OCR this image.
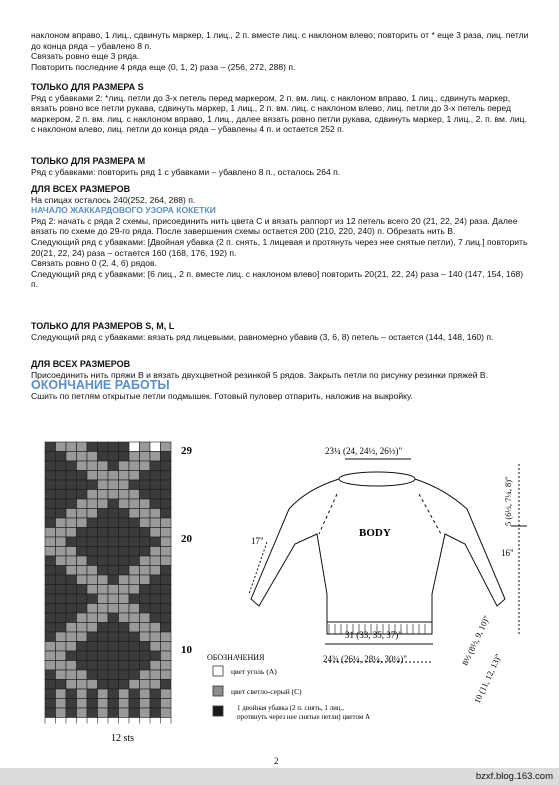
наклоном вправо, 1 лиц., сдвинуть маркер, 1 лиц., 2 п. вместе лиц. с наклоном влево; повторить от * еще 3 раза, лиц. петли до конца ряда – убавлено 8 п.
Связать ровно еще 3 ряда.
Повторить последние 4 ряда еще (0, 1, 2) раза – (256, 272, 288) п.
ТОЛЬКО ДЛЯ РАЗМЕРА S
Ряд с убавками 2: *лиц. петли до 3-х петель перед маркером, 2 п. вм. лиц. с наклоном вправо, 1 лиц., сдвинуть маркер, вязать ровно все петли рукава, сдвинуть маркер, 1 лиц., 2 п. вм. лиц. с наклоном влево, лиц. петли до 3-х петель перед маркером, 2 п. вм. лиц. с наклоном вправо, 1 лиц., далее вязать ровно петли рукава, сдвинуть маркер, 1 лиц., 2. п. вм. лиц. с наклоном влево, лиц. петли до конца ряда – убавлены 4 п. и остается 252 п.
ТОЛЬКО ДЛЯ РАЗМЕРА М
Ряд с убавками: повторить ряд 1 с убавками – убавлено 8 п., осталось 264 п.
ДЛЯ ВСЕХ РАЗМЕРОВ
На спицах осталось 240(252, 264, 288) п.
НАЧАЛО ЖАККАРДОВОГО УЗОРА КОКЕТКИ
Ряд 2: начать с ряда 2 схемы, присоединить нить цвета С и вязать раппорт из 12 петель всего 20 (21, 22, 24) раза. Далее вязать по схеме до 29-го ряда. После завершения схемы остается 200 (210, 220, 240) п. Обрезать нить В.
Следующий ряд с убавками: [Двойная убавка (2 п. снять, 1 лицевая и протянуть через нее снятые петли), 7 лиц.] повторить 20(21, 22, 24) раза – остается 160 (168, 176, 192) п.
Связать ровно 0 (2, 4, 6) рядов.
Следующий ряд с убавками: [6 лиц., 2 п. вместе лиц. с наклоном влево] повторить 20(21, 22, 24) раза – 140 (147, 154, 168) п.
ТОЛЬКО ДЛЯ РАЗМЕРОВ S, M, L
Следующий ряд с убавками: вязать ряд лицевыми, равномерно убавив (3, 6, 8) петель – остается (144, 148, 160) п.
ДЛЯ ВСЕХ РАЗМЕРОВ
Присоединить нить пряжи В и вязать двухцветной резинкой 5 рядов. Закрыть петли по рисунку резинки пряжей В.
ОКОНЧАНИЕ РАБОТЫ
Сшить по петлям открытые петли подмышек. Готовый пуловер отпарить, наложив на выкройку.
29
20
10
12 sts
ОБОЗНАЧЕНИЯ
цвет уголь (А)
цвет светло-серый (С)
1 двойная убавка (2 п. снять, 1 лиц.,
протянуть через нее снятые петли) цветом А
BODY
23¼ (24, 24½, 26½)"
17"
31 (33, 35, 37)"
24¾ (26¼, 28¼, 30¼)"
16"
5 (6½, 7¼, 8)"
8½ (8½, 9, 10)"
10 (11, 12, 13)"
2
bzxf.blog.163.com
